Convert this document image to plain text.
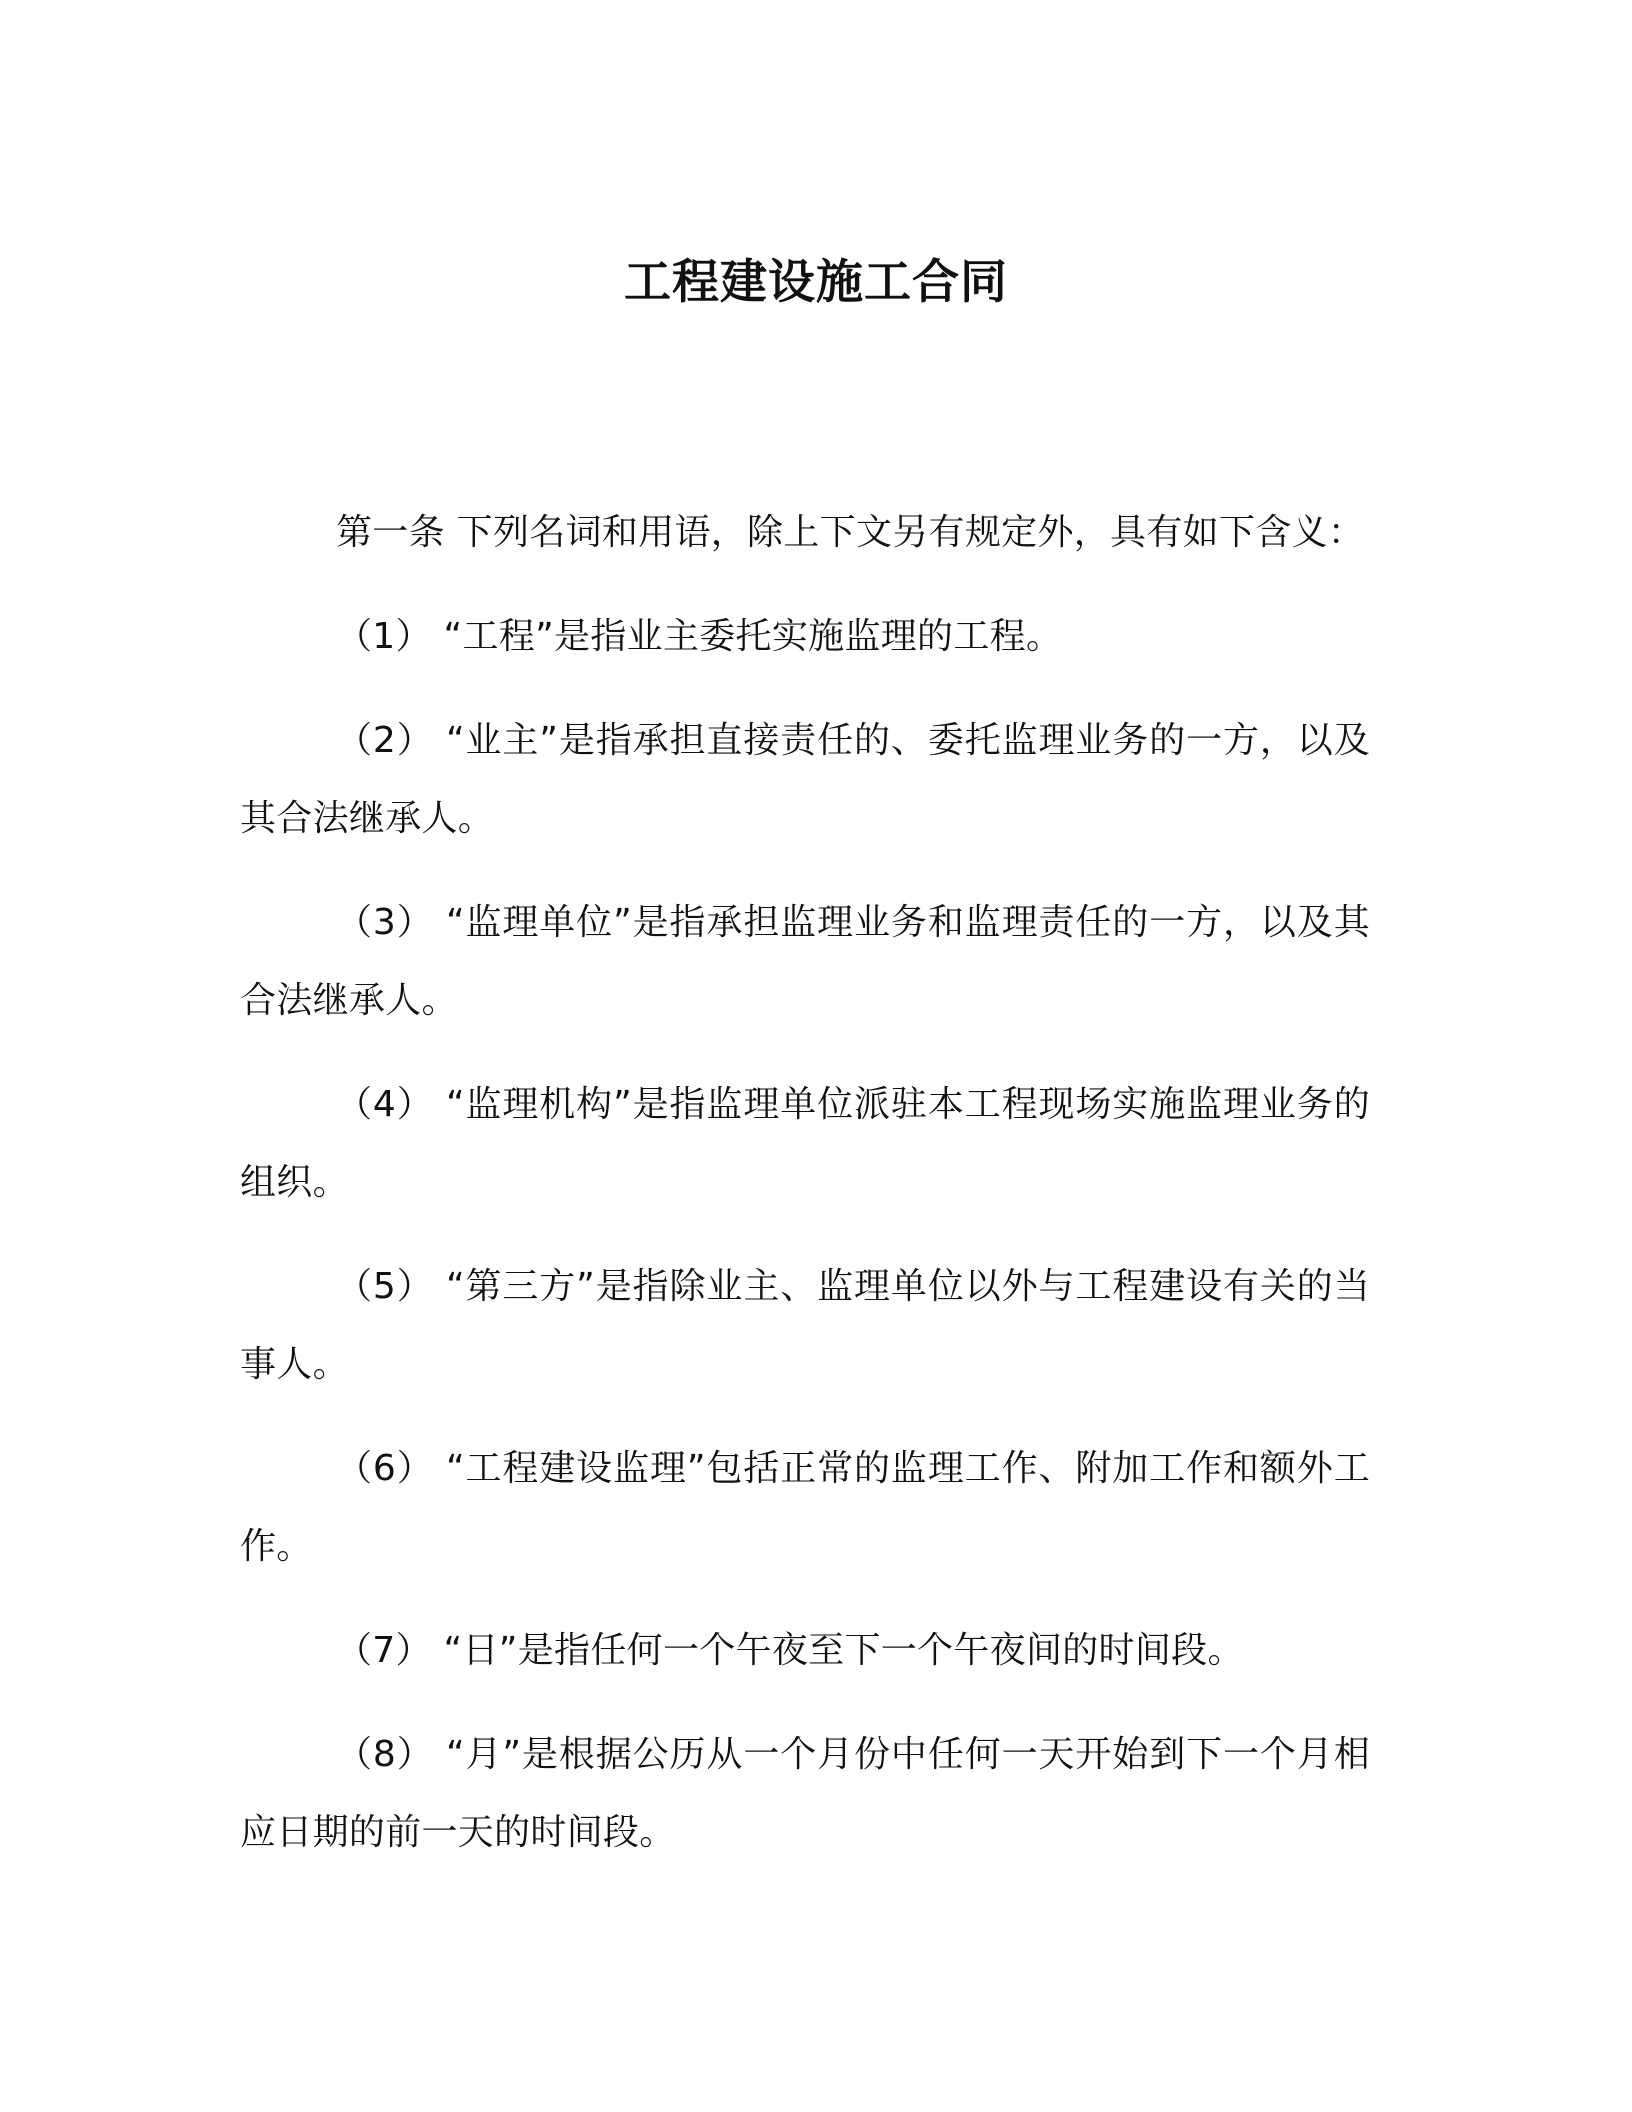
工程建设施工合同

第一条 下列名词和用语，除上下文另有规定外，具有如下含义：

（1） “工程”是指业主委托实施监理的工程。

（2） “业主”是指承担直接责任的、委托监理业务的一方，以及其合法继承人。

（3） “监理单位”是指承担监理业务和监理责任的一方，以及其合法继承人。

（4） “监理机构”是指监理单位派驻本工程现场实施监理业务的组织。

（5） “第三方”是指除业主、监理单位以外与工程建设有关的当事人。

（6） “工程建设监理”包括正常的监理工作、附加工作和额外工作。

（7） “日”是指任何一个午夜至下一个午夜间的时间段。

（8） “月”是根据公历从一个月份中任何一天开始到下一个月相应日期的前一天的时间段。
